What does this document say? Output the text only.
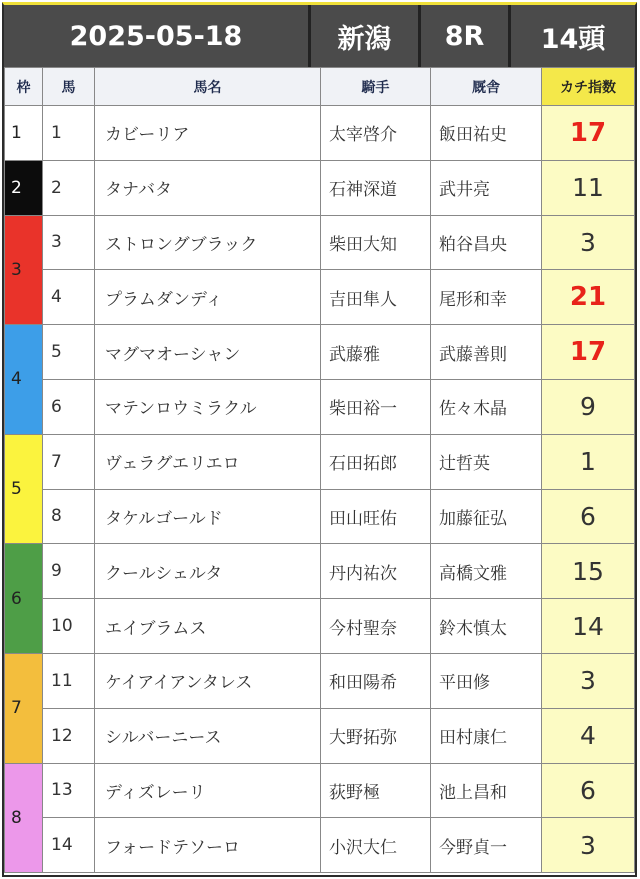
2025-05-18	新潟	8R	14頭
枠	馬	馬名	騎手	厩舎	カチ指数
1	1	カビーリア	太宰啓介	飯田祐史	17
2	2	タナバタ	石神深道	武井亮	11
3	3	ストロングブラック	柴田大知	粕谷昌央	3
	4	プラムダンディ	吉田隼人	尾形和幸	21
4	5	マグマオーシャン	武藤雅	武藤善則	17
	6	マテンロウミラクル	柴田裕一	佐々木晶	9
5	7	ヴェラグエリエロ	石田拓郎	辻哲英	1
	8	タケルゴールド	田山旺佑	加藤征弘	6
6	9	クールシェルタ	丹内祐次	高橋文雅	15
	10	エイブラムス	今村聖奈	鈴木慎太	14
7	11	ケイアイアンタレス	和田陽希	平田修	3
	12	シルバーニース	大野拓弥	田村康仁	4
8	13	ディズレーリ	荻野極	池上昌和	6
	14	フォードテソーロ	小沢大仁	今野貞一	3
